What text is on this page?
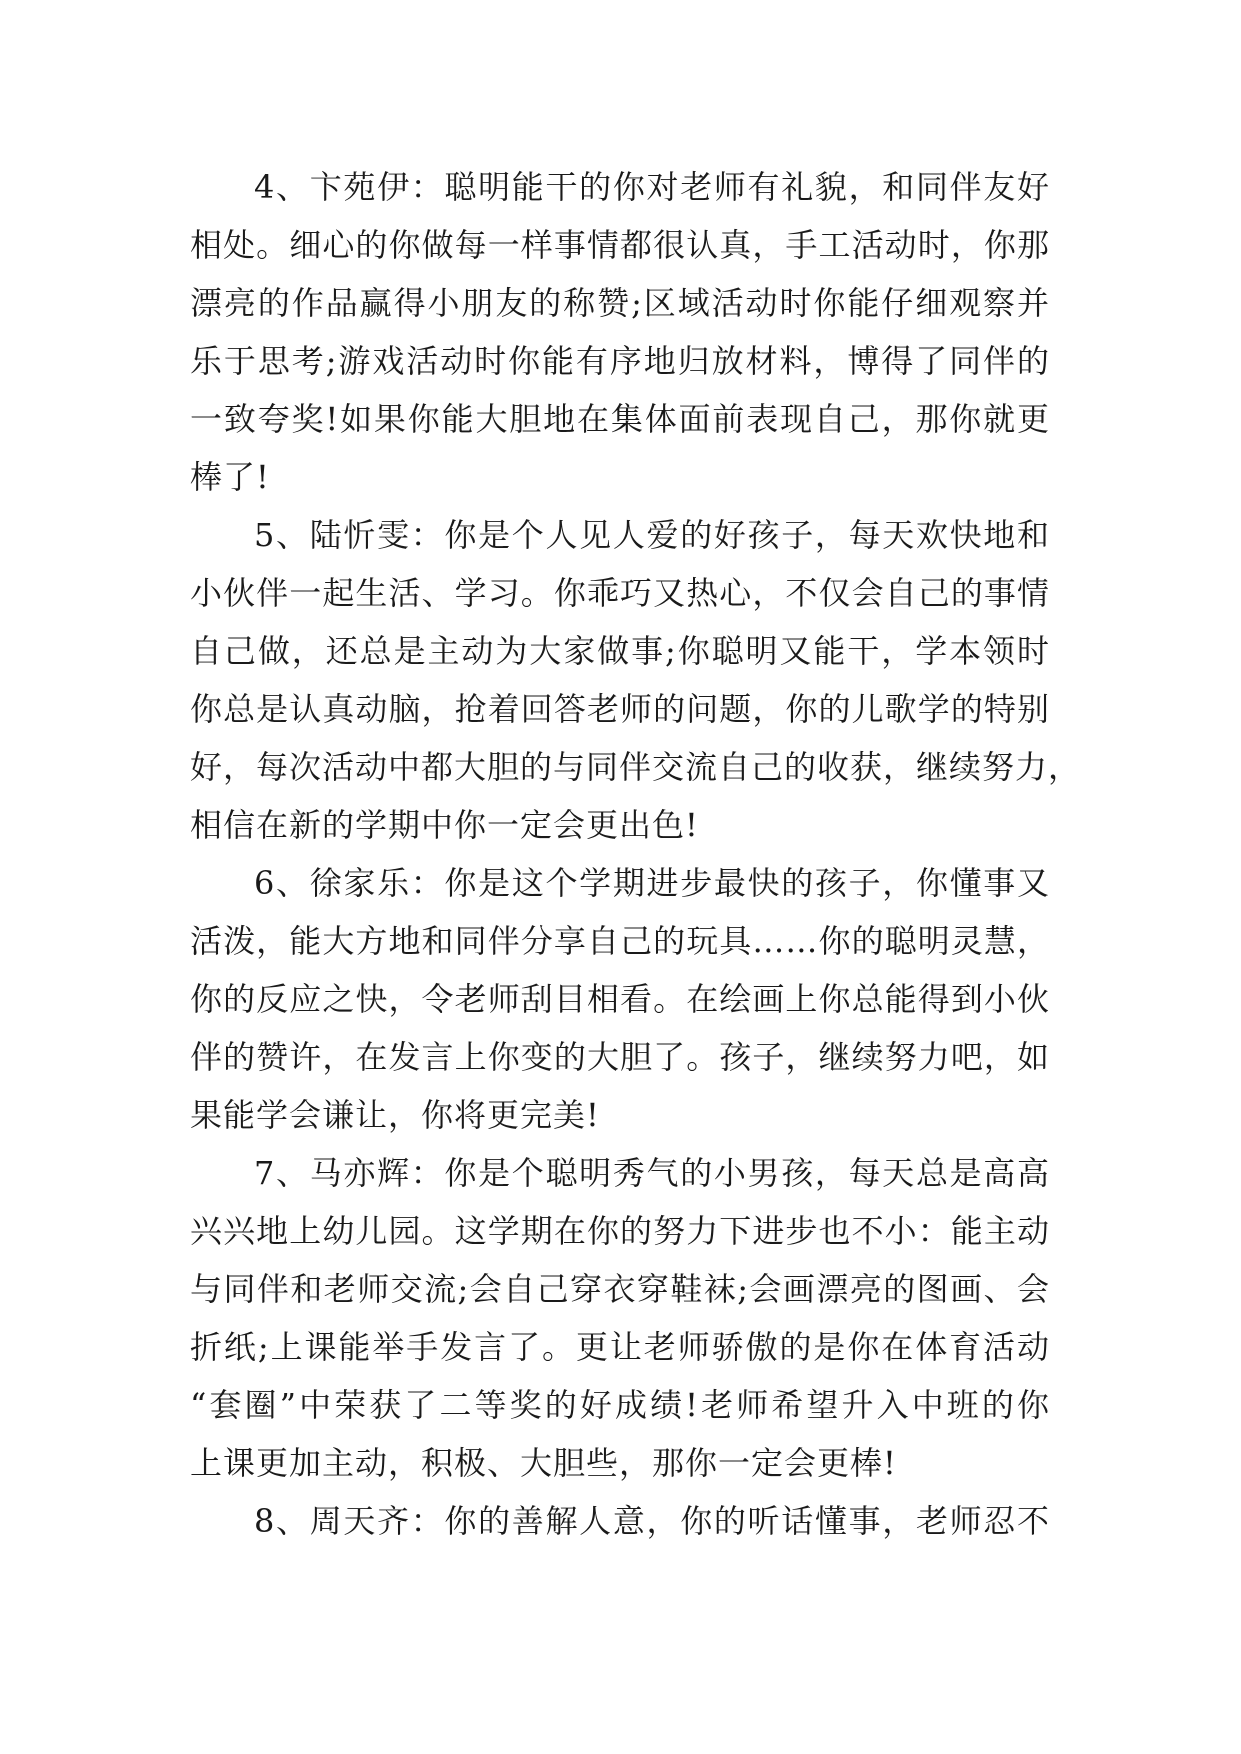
4、卞苑伊：聪明能干的你对老师有礼貌，和同伴友好
相处。细心的你做每一样事情都很认真，手工活动时，你那
漂亮的作品赢得小朋友的称赞;区域活动时你能仔细观察并
乐于思考;游戏活动时你能有序地归放材料，博得了同伴的
一致夸奖!如果你能大胆地在集体面前表现自己，那你就更
棒了!
5、陆忻雯：你是个人见人爱的好孩子，每天欢快地和
小伙伴一起生活、学习。你乖巧又热心，不仅会自己的事情
自己做，还总是主动为大家做事;你聪明又能干，学本领时
你总是认真动脑，抢着回答老师的问题，你的儿歌学的特别
好，每次活动中都大胆的与同伴交流自己的收获，继续努力，
相信在新的学期中你一定会更出色!
6、徐家乐：你是这个学期进步最快的孩子，你懂事又
活泼，能大方地和同伴分享自己的玩具……你的聪明灵慧，
你的反应之快，令老师刮目相看。在绘画上你总能得到小伙
伴的赞许，在发言上你变的大胆了。孩子，继续努力吧，如
果能学会谦让，你将更完美!
7、马亦辉：你是个聪明秀气的小男孩，每天总是高高
兴兴地上幼儿园。这学期在你的努力下进步也不小：能主动
与同伴和老师交流;会自己穿衣穿鞋袜;会画漂亮的图画、会
折纸;上课能举手发言了。更让老师骄傲的是你在体育活动
“套圈”中荣获了二等奖的好成绩!老师希望升入中班的你
上课更加主动，积极、大胆些，那你一定会更棒!
8、周天齐：你的善解人意，你的听话懂事，老师忍不
